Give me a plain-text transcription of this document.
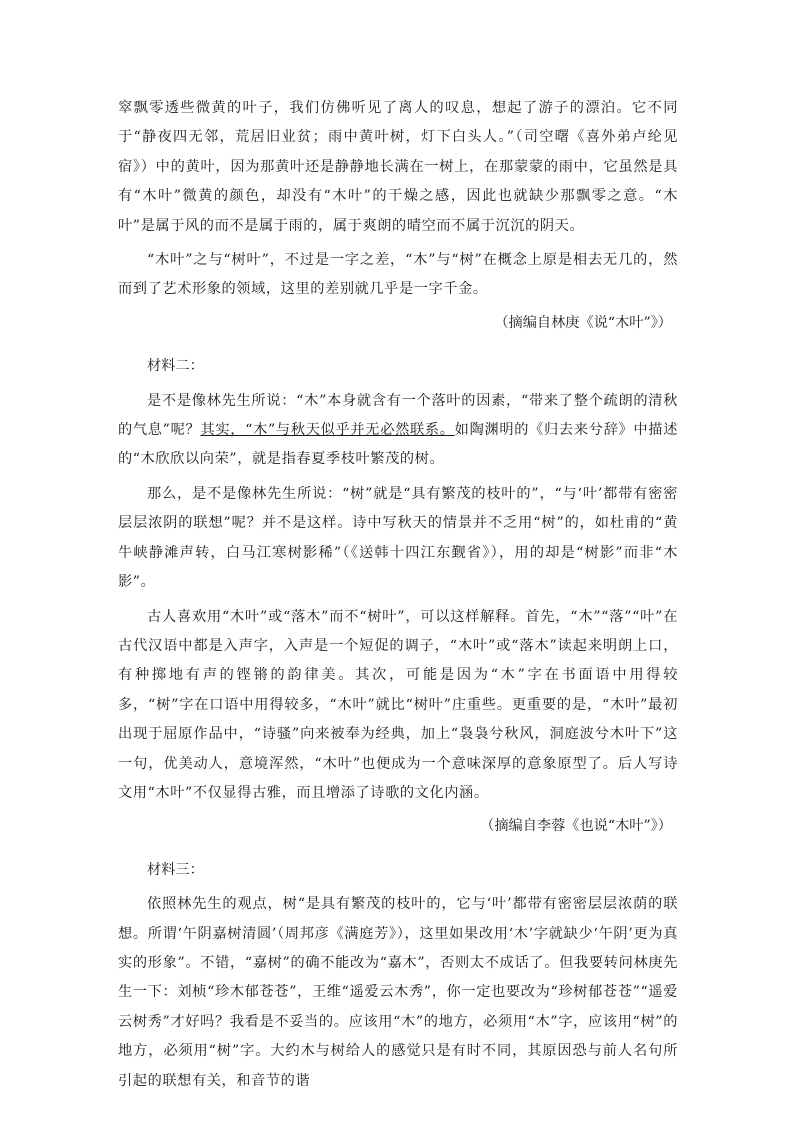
窣飘零透些微黄的叶子，我们仿佛听见了离人的叹息，想起了游子的漂泊。它不同于“静夜四无邻，荒居旧业贫；雨中黄叶树，灯下白头人。”（司空曙《喜外弟卢纶见宿》）中的黄叶，因为那黄叶还是静静地长满在一树上，在那蒙蒙的雨中，它虽然是具有“木叶”微黄的颜色，却没有“木叶”的干燥之感，因此也就缺少那飘零之意。“木叶”是属于风的而不是属于雨的，属于爽朗的晴空而不属于沉沉的阴天。

“木叶”之与“树叶”，不过是一字之差，“木”与“树”在概念上原是相去无几的，然而到了艺术形象的领域，这里的差别就几乎是一字千金。

（摘编自林庚《说“木叶”》）

材料二：

是不是像林先生所说：“木”本身就含有一个落叶的因素，“带来了整个疏朗的清秋的气息”呢？其实，“木”与秋天似乎并无必然联系。如陶渊明的《归去来兮辞》中描述的“木欣欣以向荣”，就是指春夏季枝叶繁茂的树。

那么，是不是像林先生所说：“树”就是“具有繁茂的枝叶的”，“与‘叶’都带有密密层层浓阴的联想”呢？并不是这样。诗中写秋天的情景并不乏用“树”的，如杜甫的“黄牛峡静滩声转，白马江寒树影稀”（《送韩十四江东觐省》），用的却是“树影”而非“木影”。

古人喜欢用“木叶”或“落木”而不“树叶”，可以这样解释。首先，“木”“落”“叶”在古代汉语中都是入声字，入声是一个短促的调子，“木叶”或“落木”读起来明朗上口，有种掷地有声的铿锵的韵律美。其次，可能是因为“木”字在书面语中用得较多，“树”字在口语中用得较多，“木叶”就比“树叶”庄重些。更重要的是，“木叶”最初出现于屈原作品中，“诗骚”向来被奉为经典，加上“袅袅兮秋风，洞庭波兮木叶下”这一句，优美动人，意境浑然，“木叶”也便成为一个意味深厚的意象原型了。后人写诗文用“木叶”不仅显得古雅，而且增添了诗歌的文化内涵。

（摘编自李蓉《也说“木叶”》）

材料三：

依照林先生的观点，树“是具有繁茂的枝叶的，它与‘叶’都带有密密层层浓荫的联想。所谓‘午阴嘉树清圆’（周邦彦《满庭芳》），这里如果改用‘木’字就缺少‘午阴’更为真实的形象”。不错，“嘉树”的确不能改为“嘉木”，否则太不成话了。但我要转问林庚先生一下：刘桢“珍木郁苍苍”，王维“遥爱云木秀”，你一定也要改为“珍树郁苍苍”“遥爱云树秀”才好吗？我看是不妥当的。应该用“木”的地方，必须用“木”字，应该用“树”的地方，必须用“树”字。大约木与树给人的感觉只是有时不同，其原因恐与前人名句所引起的联想有关，和音节的谐
